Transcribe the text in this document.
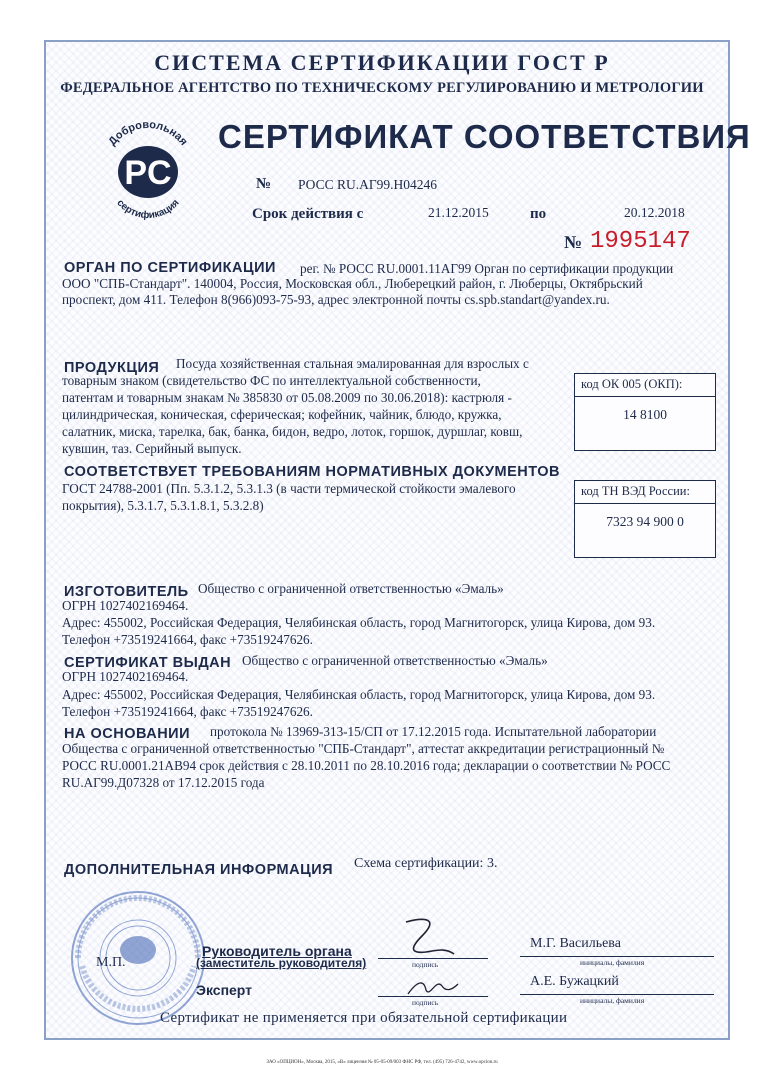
СИСТЕМА СЕРТИФИКАЦИИ ГОСТ Р
ФЕДЕРАЛЬНОЕ АГЕНТСТВО ПО ТЕХНИЧЕСКОМУ РЕГУЛИРОВАНИЮ И МЕТРОЛОГИИ
Добровольная
сертификация
PC
СЕРТИФИКАТ СООТВЕТСТВИЯ
№ РОСС RU.АГ99.Н04246
Срок действия с	21.12.2015	по	20.12.2018
№ 1995147
ОРГАН ПО СЕРТИФИКАЦИИ рег. № РОСС RU.0001.11АГ99 Орган по сертификации продукции
ООО "СПБ-Стандарт". 140004, Россия, Московская обл., Люберецкий район, г. Люберцы, Октябрьский
проспект, дом 411. Телефон 8(966)093-75-93, адрес электронной почты cs.spb.standart@yandex.ru.
ПРОДУКЦИЯ Посуда хозяйственная стальная эмалированная для взрослых с
товарным знаком (свидетельство ФС по интеллектуальной собственности,
патентам и товарным знакам № 385830 от 05.08.2009 по 30.06.2018): кастрюля -
цилиндрическая, коническая, сферическая; кофейник, чайник, блюдо, кружка,
салатник, миска, тарелка, бак, банка, бидон, ведро, лоток, горшок, дуршлаг, ковш,
кувшин, таз. Серийный выпуск.
код ОК 005 (ОКП):
14 8100
СООТВЕТСТВУЕТ ТРЕБОВАНИЯМ НОРМАТИВНЫХ ДОКУМЕНТОВ
ГОСТ 24788-2001 (Пп. 5.3.1.2, 5.3.1.3 (в части термической стойкости эмалевого
покрытия), 5.3.1.7, 5.3.1.8.1, 5.3.2.8)
код ТН ВЭД России:
7323 94 900 0
ИЗГОТОВИТЕЛЬ Общество с ограниченной ответственностью «Эмаль»
ОГРН 1027402169464.
Адрес: 455002, Российская Федерация, Челябинская область, город Магнитогорск, улица Кирова, дом 93.
Телефон +73519241664, факс +73519247626.
СЕРТИФИКАТ ВЫДАН Общество с ограниченной ответственностью «Эмаль»
ОГРН 1027402169464.
Адрес: 455002, Российская Федерация, Челябинская область, город Магнитогорск, улица Кирова, дом 93.
Телефон +73519241664, факс +73519247626.
НА ОСНОВАНИИ протокола № 13969-313-15/СП от 17.12.2015 года. Испытательной лаборатории
Общества с ограниченной ответственностью "СПБ-Стандарт", аттестат аккредитации регистрационный №
РОСС RU.0001.21АВ94 срок действия с 28.10.2011 по 28.10.2016 года; декларации о соответствии № РОСС
RU.АГ99.Д07328 от 17.12.2015 года
ДОПОЛНИТЕЛЬНАЯ ИНФОРМАЦИЯ Схема сертификации: 3.
М.П.
Руководитель органа
(заместитель руководителя)	подпись
М.Г. Васильева
инициалы, фамилия
Эксперт
подпись
А.Е. Бужацкий
инициалы, фамилия
Сертификат не применяется при обязательной сертификации
ЗАО «ОПЦИОН», Москва, 2015, «В» лицензия № 05-05-09/003 ФНС РФ, тел. (495) 726-4742, www.opcion.ru
